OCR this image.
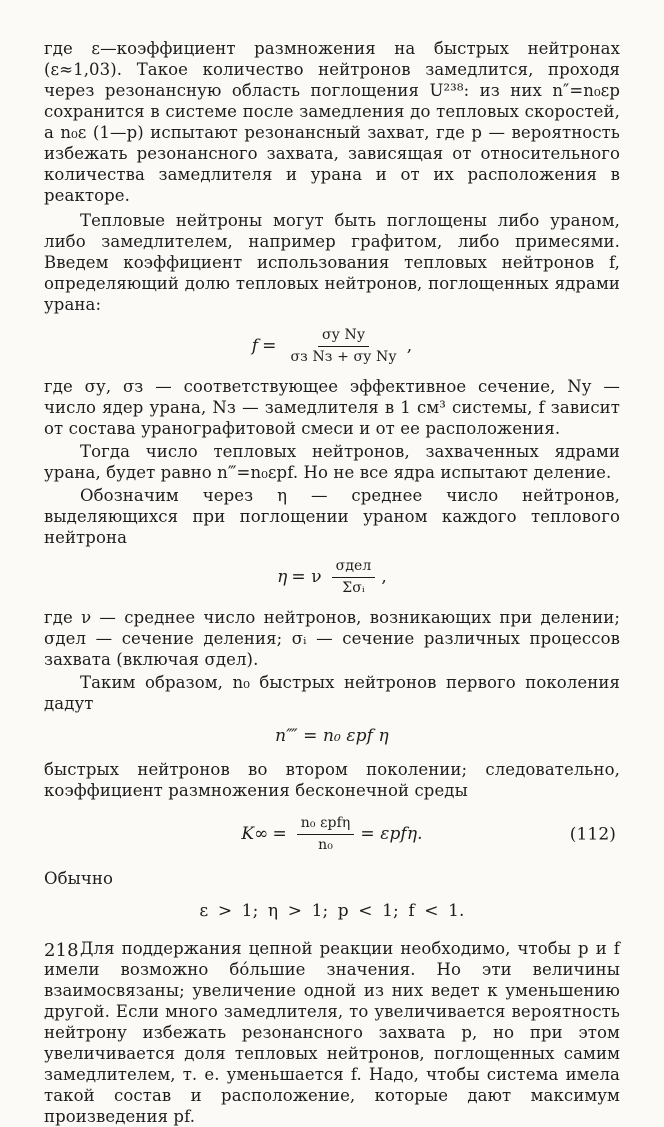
где ε—коэффициент размножения на быстрых нейтронах (ε≈1,03). Такое количество нейтронов замедлится, проходя через резонансную область поглощения U²³⁸: из них n″=n₀εp сохранится в системе после замедления до тепловых скоростей, а n₀ε (1—p) испытают резонансный захват, где p — вероятность избежать резонансного захвата, зависящая от относительного количества замедлителя и урана и от их расположения в реакторе.

Тепловые нейтроны могут быть поглощены либо ураном, либо замедлителем, например графитом, либо примесями. Введем коэффициент использования тепловых нейтронов f, определяющий долю тепловых нейтронов, поглощенных ядрами урана:

$f = \frac{\text{σу Nу}}{\text{σз Nз + σу Nу}}$ ,

где σу, σз — соответствующее эффективное сечение, Nу — число ядер урана, Nз — замедлителя в 1 см³ системы, f зависит от состава уранографитовой смеси и от ее расположения.

Тогда число тепловых нейтронов, захваченных ядрами урана, будет равно n‴=n₀εpf. Но не все ядра испытают деление.

Обозначим через η — среднее число нейтронов, выделяющихся при поглощении ураном каждого теплового нейтрона

η = ν $\frac{\text{σдел}}{\text{Σσᵢ}}$ ,

где ν — среднее число нейтронов, возникающих при делении; σдел — сечение деления; σᵢ — сечение различных процессов захвата (включая σдел).

Таким образом, n₀ быстрых нейтронов первого поколения дадут

n⁗ = n₀ εpf η

быстрых нейтронов во втором поколении; следовательно, коэффициент размножения бесконечной среды

$K\infty = \frac{\text{n₀ εpfη}}{\text{n₀}} = \varepsilon pf\eta$.	(112)

Обычно

ε > 1; η > 1; p < 1; f < 1.

Для поддержания цепной реакции необходимо, чтобы p и f имели возможно бо́льшие значения. Но эти величины взаимосвязаны; увеличение одной из них ведет к уменьшению другой. Если много замедлителя, то увеличивается вероятность нейтрону избежать резонансного захвата p, но при этом увеличивается доля тепловых нейтронов, поглощенных самим замедлителем, т. е. уменьшается f. Надо, чтобы система имела такой состав и расположение, которые дают максимум произведения pf.

218
